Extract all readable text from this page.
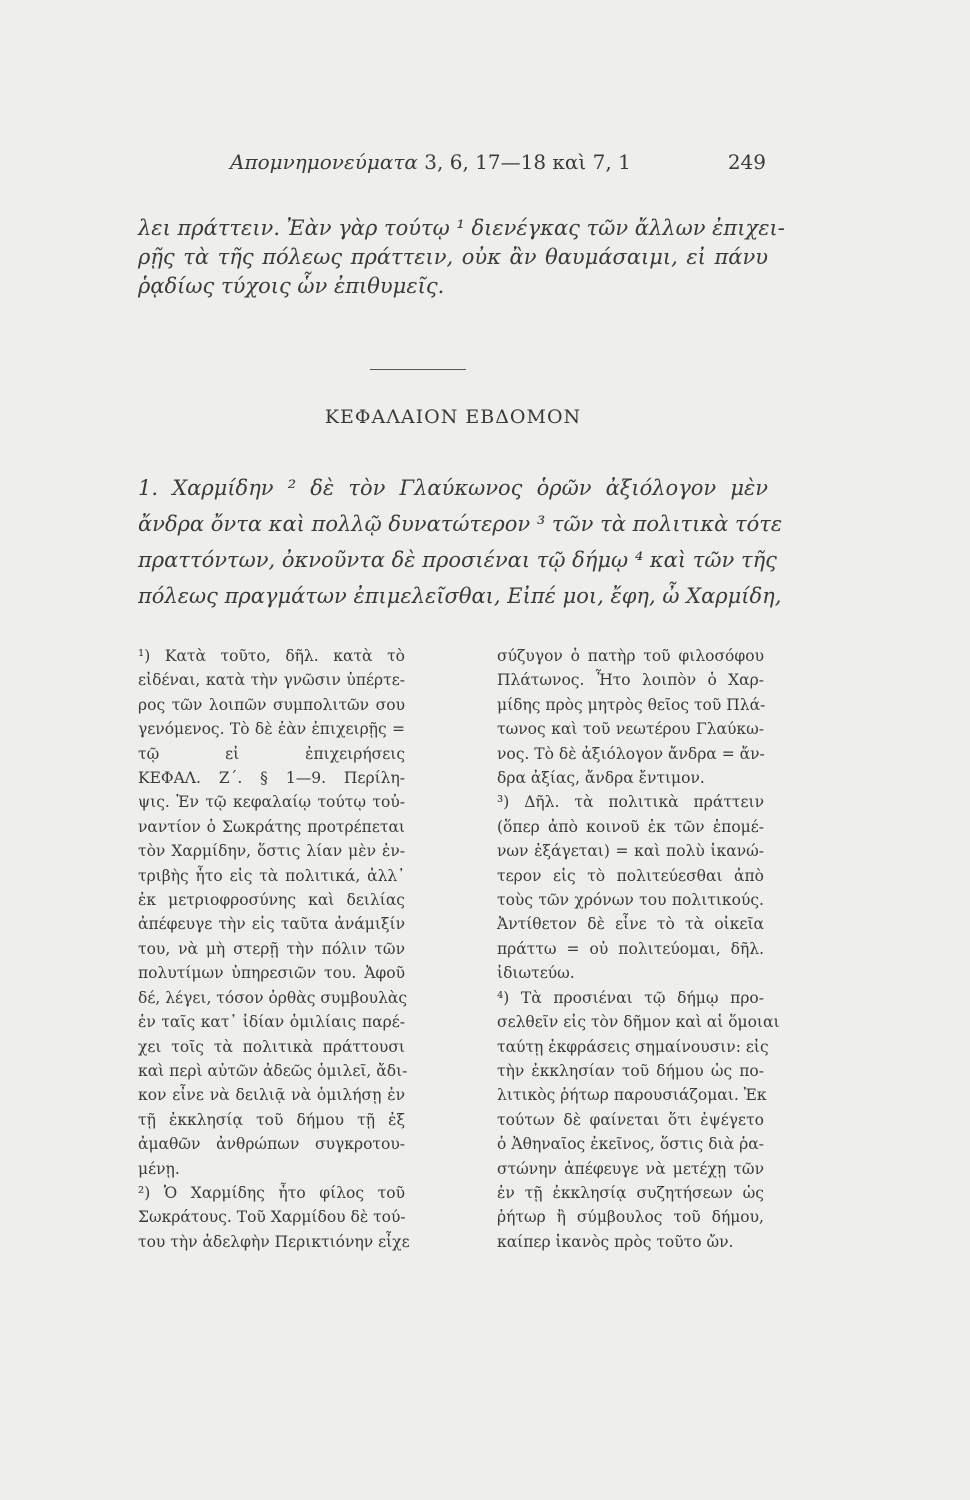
Απομνημονεύματα 3, 6, 17—18 καὶ 7, 1	249
λει πράττειν. Ἐὰν γὰρ τούτῳ ¹ διενέγκας τῶν ἄλλων ἐπιχει-
ρῇς τὰ τῆς πόλεως πράττειν, οὐκ ἂν θαυμάσαιμι, εἰ πάνυ
ῥᾳδίως τύχοις ὧν ἐπιθυμεῖς.
ΚΕΦΑΛΑΙΟΝ ΕΒΔΟΜΟΝ
1. Χαρμίδην ² δὲ τὸν Γλαύκωνος ὁρῶν ἀξιόλογον μὲν
ἄνδρα ὄντα καὶ πολλῷ δυνατώτερον ³ τῶν τὰ πολιτικὰ τότε
πραττόντων, ὀκνοῦντα δὲ προσιέναι τῷ δήμῳ ⁴ καὶ τῶν τῆς
πόλεως πραγμάτων ἐπιμελεῖσθαι, Εἰπέ μοι, ἔφη, ὦ Χαρμίδη,
¹) Κατὰ τοῦτο, δῆλ. κατὰ τὸ
εἰδέναι, κατὰ τὴν γνῶσιν ὑπέρτε-
ρος τῶν λοιπῶν συμπολιτῶν σου
γενόμενος. Τὸ δὲ ἐὰν ἐπιχειρῇς =
τῷ εἰ ἐπιχειρήσεις
ΚΕΦΑΛ. Ζ΄. § 1—9. Περίλη-
ψις. Ἐν τῷ κεφαλαίῳ τούτῳ τοὐ-
ναντίον ὁ Σωκράτης προτρέπεται
τὸν Χαρμίδην, ὅστις λίαν μὲν ἐν-
τριβὴς ἦτο εἰς τὰ πολιτικά, ἀλλ᾿
ἐκ μετριοφροσύνης καὶ δειλίας
ἀπέφευγε τὴν εἰς ταῦτα ἀνάμιξίν
του, νὰ μὴ στερῇ τὴν πόλιν τῶν
πολυτίμων ὑπηρεσιῶν του. Ἀφοῦ
δέ, λέγει, τόσον ὀρθὰς συμβουλὰς
ἐν ταῖς κατ᾿ ἰδίαν ὁμιλίαις παρέ-
χει τοῖς τὰ πολιτικὰ πράττουσι
καὶ περὶ αὐτῶν ἀδεῶς ὁμιλεῖ, ἄδι-
κον εἶνε νὰ δειλιᾷ νὰ ὁμιλήσῃ ἐν
τῇ ἐκκλησίᾳ τοῦ δήμου τῇ ἐξ
ἀμαθῶν ἀνθρώπων συγκροτου-
μένῃ.
²) Ὁ Χαρμίδης ἦτο φίλος τοῦ
Σωκράτους. Τοῦ Χαρμίδου δὲ τού-
του τὴν ἀδελφὴν Περικτιόνην εἶχε
σύζυγον ὁ πατὴρ τοῦ φιλοσόφου
Πλάτωνος. Ἦτο λοιπὸν ὁ Χαρ-
μίδης πρὸς μητρὸς θεῖος τοῦ Πλά-
τωνος καὶ τοῦ νεωτέρου Γλαύκω-
νος. Τὸ δὲ ἀξιόλογον ἄνδρα = ἄν-
δρα ἀξίας, ἄνδρα ἔντιμον.
³) Δῆλ. τὰ πολιτικὰ πράττειν
(ὅπερ ἀπὸ κοινοῦ ἐκ τῶν ἑπομέ-
νων ἐξάγεται) = καὶ πολὺ ἱκανώ-
τερον εἰς τὸ πολιτεύεσθαι ἀπὸ
τοὺς τῶν χρόνων του πολιτικούς.
Ἀντίθετον δὲ εἶνε τὸ τὰ οἰκεῖα
πράττω = οὐ πολιτεύομαι, δῆλ.
ἰδιωτεύω.
⁴) Τὰ προσιέναι τῷ δήμῳ προ-
σελθεῖν εἰς τὸν δῆμον καὶ αἱ ὅμοιαι
ταύτῃ ἐκφράσεις σημαίνουσιν: εἰς
τὴν ἐκκλησίαν τοῦ δήμου ὡς πο-
λιτικὸς ῥήτωρ παρουσιάζομαι. Ἐκ
τούτων δὲ φαίνεται ὅτι ἐψέγετο
ὁ Ἀθηναῖος ἐκεῖνος, ὅστις διὰ ῥα-
στώνην ἀπέφευγε νὰ μετέχῃ τῶν
ἐν τῇ ἐκκλησίᾳ συζητήσεων ὡς
ῥήτωρ ἢ σύμβουλος τοῦ δήμου,
καίπερ ἱκανὸς πρὸς τοῦτο ὤν.
